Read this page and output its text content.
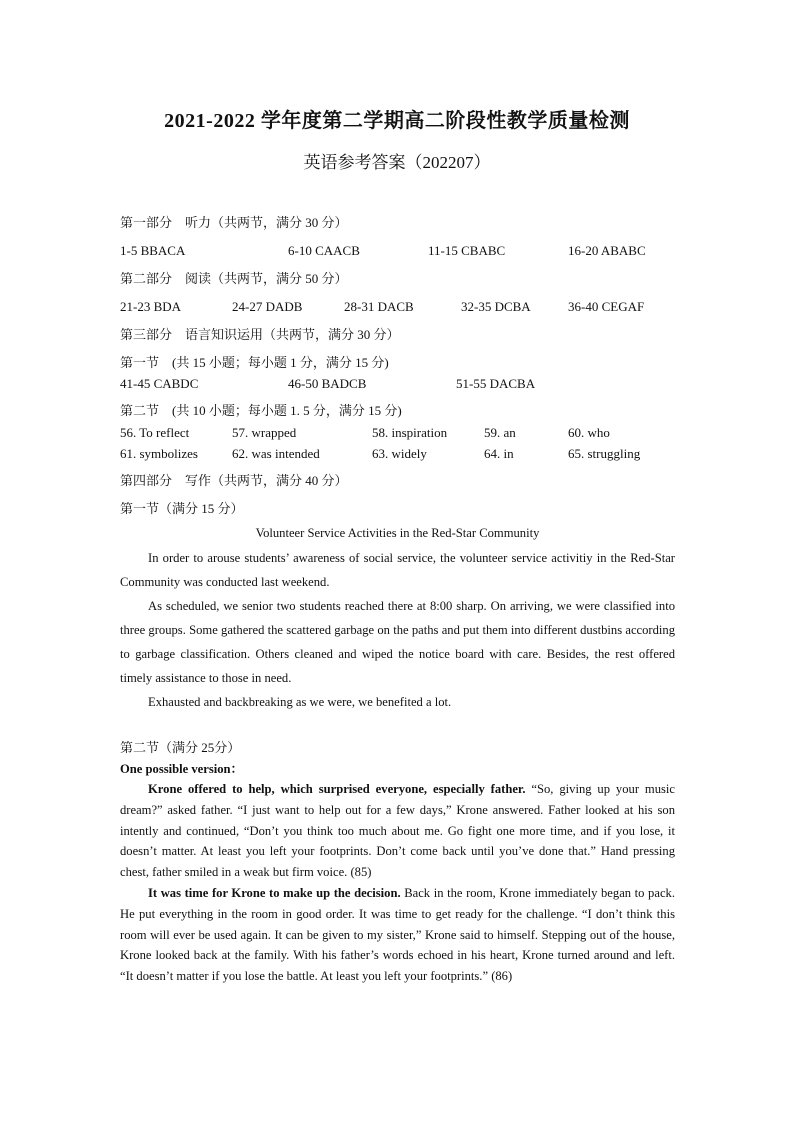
2021-2022 学年度第二学期高二阶段性教学质量检测
英语参考答案（202207）
第一部分　听力（共两节，满分 30 分）
1-5 BBACA	6-10 CAACB	11-15 CBABC	16-20 ABABC
第二部分　阅读（共两节，满分 50 分）
21-23 BDA	24-27 DADB	28-31 DACB	32-35 DCBA	36-40 CEGAF
第三部分　语言知识运用（共两节，满分 30 分）
第一节　(共 15 小题；每小题 1 分，满分 15 分)
41-45 CABDC	46-50 BADCB	51-55 DACBA
第二节　(共 10 小题；每小题 1. 5 分，满分 15 分)
56. To reflect	57. wrapped	58. inspiration	59. an	60. who
61. symbolizes	62. was intended	63. widely	64. in	65. struggling
第四部分　写作（共两节，满分 40 分）
第一节（满分 15 分）
Volunteer Service Activities in the Red-Star Community
In order to arouse students’ awareness of social service, the volunteer service activitiy in the Red-Star Community was conducted last weekend.
As scheduled, we senior two students reached there at 8:00 sharp. On arriving, we were classified into three groups. Some gathered the scattered garbage on the paths and put them into different dustbins according to garbage classification. Others cleaned and wiped the notice board with care. Besides, the rest offered timely assistance to those in need.
Exhausted and backbreaking as we were, we benefited a lot.
第二节（满分 25分）
One possible version：
Krone offered to help, which surprised everyone, especially father. “So, giving up your music dream?” asked father. “I just want to help out for a few days,” Krone answered. Father looked at his son intently and continued, “Don’t you think too much about me. Go fight one more time, and if you lose, it doesn’t matter. At least you left your footprints. Don’t come back until you’ve done that.” Hand pressing chest, father smiled in a weak but firm voice. (85)
It was time for Krone to make up the decision. Back in the room, Krone immediately began to pack. He put everything in the room in good order. It was time to get ready for the challenge. “I don’t think this room will ever be used again. It can be given to my sister,” Krone said to himself. Stepping out of the house, Krone looked back at the family. With his father’s words echoed in his heart, Krone turned around and left. “It doesn’t matter if you lose the battle. At least you left your footprints.” (86)
